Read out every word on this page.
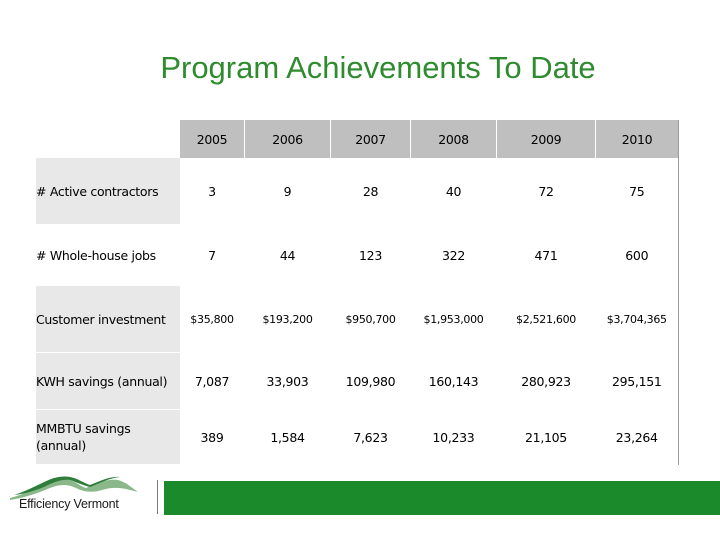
Program Achievements To Date
	2005	2006	2007	2008	2009	2010
# Active contractors	3	9	28	40	72	75
# Whole-house jobs	7	44	123	322	471	600
Customer investment	$35,800	$193,200	$950,700	$1,953,000	$2,521,600	$3,704,365
KWH savings (annual)	7,087	33,903	109,980	160,143	280,923	295,151
MMBTU savings (annual)	389	1,584	7,623	10,233	21,105	23,264
Efficiency Vermont
